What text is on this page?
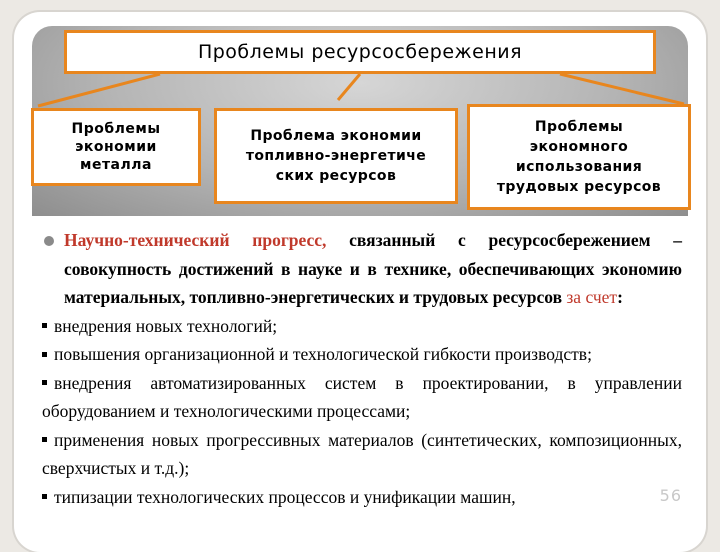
Проблемы ресурсосбережения
Проблемы
экономии
металла
Проблема экономии
топливно-энергетиче
ских ресурсов
Проблемы
экономного
использования
трудовых ресурсов

Научно-технический прогресс, связанный с ресурсосбережением – совокупность достижений в науке и в технике, обеспечивающих экономию материальных, топливно-энергетических и трудовых ресурсов за счет:

внедрения новых технологий;

повышения организационной и технологической гибкости производств;

внедрения автоматизированных систем в проектировании, в управлении оборудованием и технологическими процессами;

применения новых прогрессивных материалов (синтетических, композиционных, сверхчистых и т.д.);

типизации технологических процессов и унификации машин,	56
